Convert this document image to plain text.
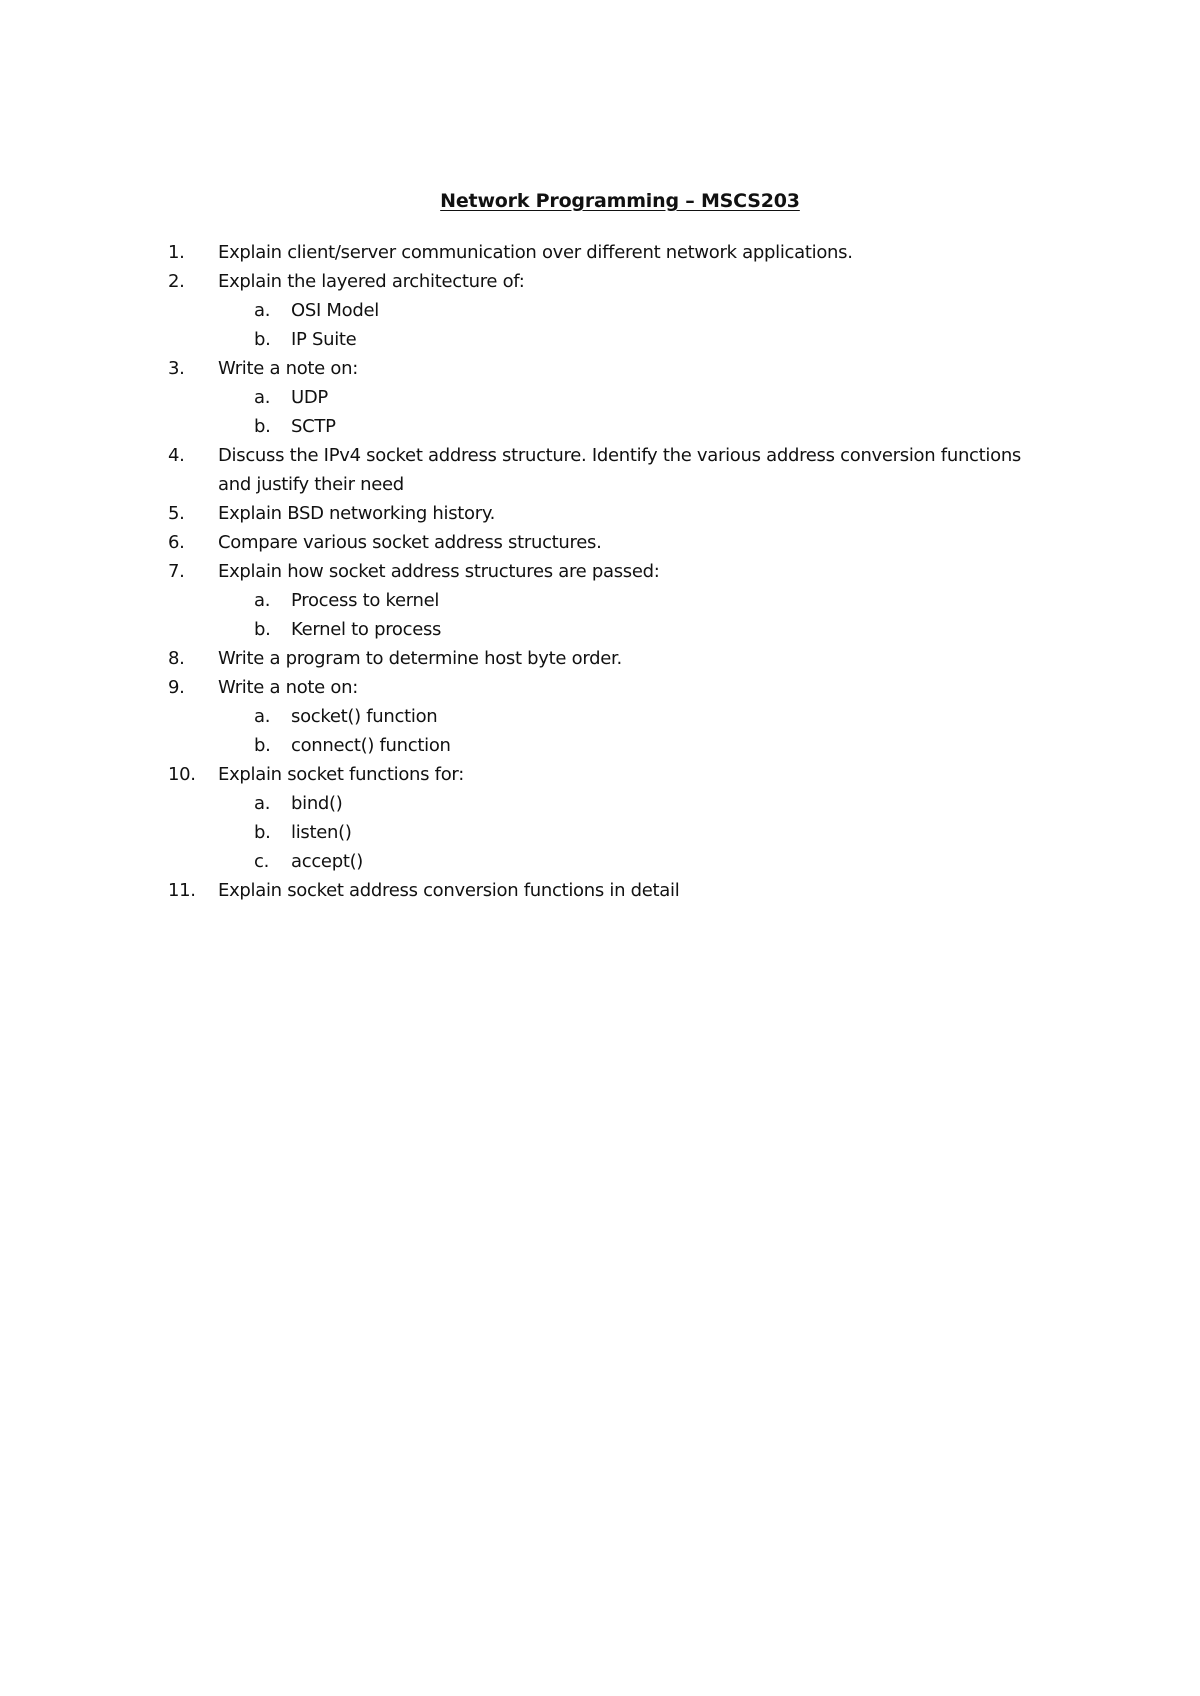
Network Programming – MSCS203
1. Explain client/server communication over different network applications.
2. Explain the layered architecture of:
a. OSI Model
b. IP Suite
3. Write a note on:
a. UDP
b. SCTP
4. Discuss the IPv4 socket address structure. Identify the various address conversion functions and justify their need
5. Explain BSD networking history.
6. Compare various socket address structures.
7. Explain how socket address structures are passed:
a. Process to kernel
b. Kernel to process
8. Write a program to determine host byte order.
9. Write a note on:
a. socket() function
b. connect() function
10. Explain socket functions for:
a. bind()
b. listen()
c. accept()
11. Explain socket address conversion functions in detail
